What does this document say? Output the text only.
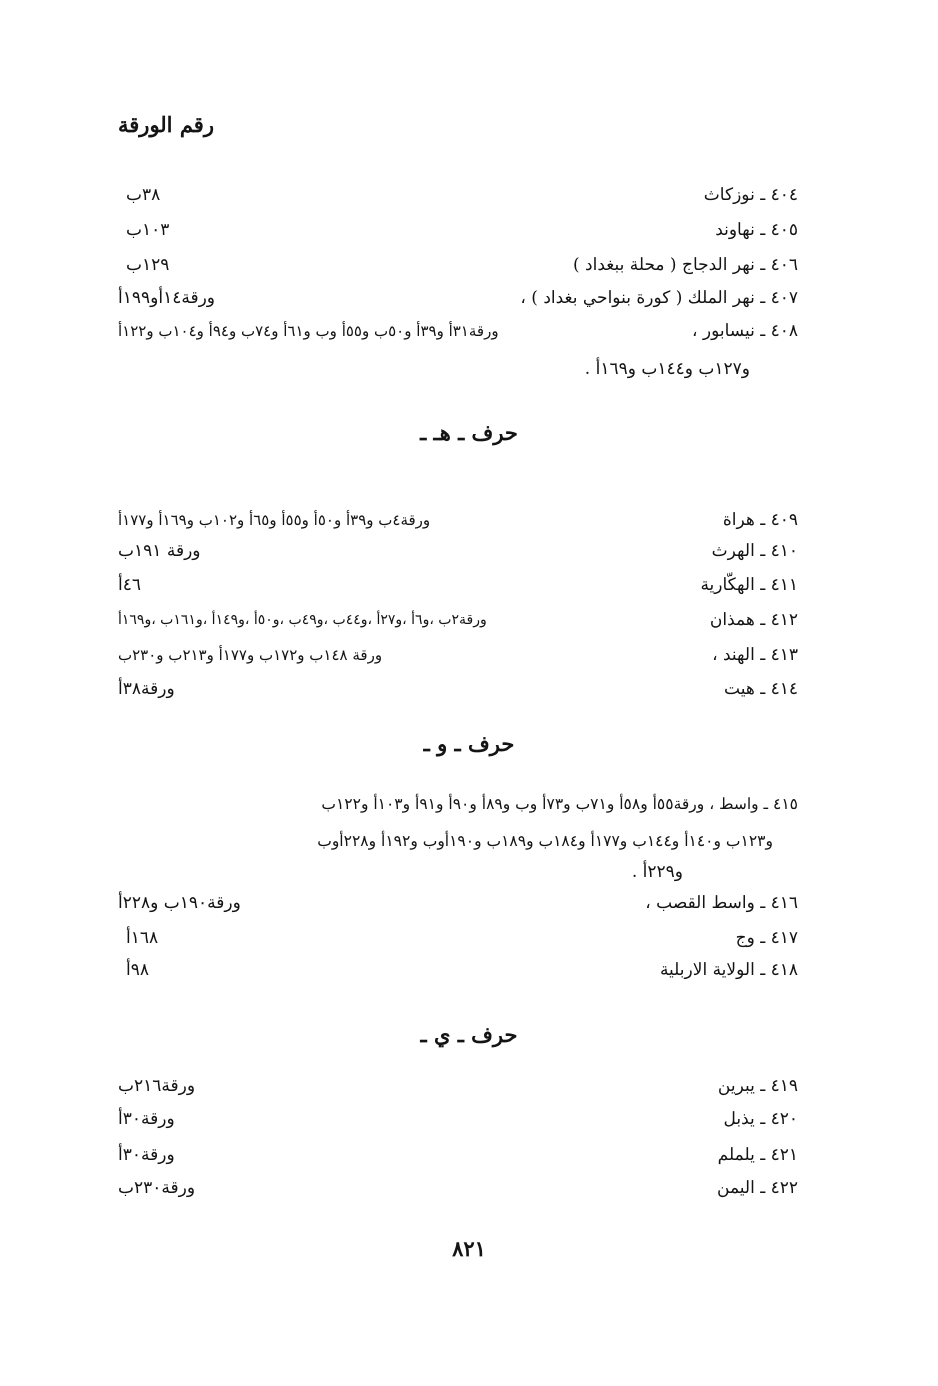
رقم الورقة
٤٠٤ ـ نوزكاث
٣٨ب
٤٠٥ ـ نهاوند
١٠٣ب
٤٠٦ ـ نهر الدجاج ( محلة ببغداد )
١٢٩ب
٤٠٧ ـ نهر الملك ( كورة بنواحي بغداد ) ،
ورقة١٤أو١٩٩أ
٤٠٨ ـ نيسابور ،
ورقة٣١أ و٣٩أ و٥٠ب و٥٥أ وب و٦١أ و٧٤ب و٩٤أ و١٠٤ب و١٢٢أ
و١٢٧ب و١٤٤ب و١٦٩أ .
حرف ـ هـ ـ
٤٠٩ ـ هراة
ورقة٤ب و٣٩أ و٥٠أ و٥٥أ و٦٥أ و١٠٢ب و١٦٩أ و١٧٧أ
٤١٠ ـ الهرث
ورقة ١٩١ب
٤١١ ـ الهكّارية
٤٦أ
٤١٢ ـ همذان
ورقة٢ب ،و٦أ ،و٢٧أ ،و٤٤ب ،و٤٩ب ،و٥٠أ ،و١٤٩أ ،و١٦١ب ،و١٦٩أ
٤١٣ ـ الهند ،
ورقة ١٤٨ب و١٧٢ب و١٧٧أ و٢١٣ب و٢٣٠ب
٤١٤ ـ هيت
ورقة٣٨أ
حرف ـ و ـ
٤١٥ ـ واسط ، ورقة٥٥أ و٥٨أ و٧١ب و٧٣أ وب و٨٩أ و٩٠أ و٩١أ و١٠٣أ و١٢٢ب
و١٢٣ب و١٤٠أ و١٤٤ب و١٧٧أ و١٨٤ب و١٨٩ب و١٩٠أوب و١٩٢أ و٢٢٨أوب
و٢٢٩أ .
٤١٦ ـ واسط القصب ،
ورقة١٩٠ب و٢٢٨أ
٤١٧ ـ وج
١٦٨أ
٤١٨ ـ الولاية الاربلية
٩٨أ
حرف ـ ي ـ
٤١٩ ـ يبرين
ورقة٢١٦ب
٤٢٠ ـ يذبل
ورقة٣٠أ
٤٢١ ـ يلملم
ورقة٣٠أ
٤٢٢ ـ اليمن
ورقة٢٣٠ب
٨٢١
